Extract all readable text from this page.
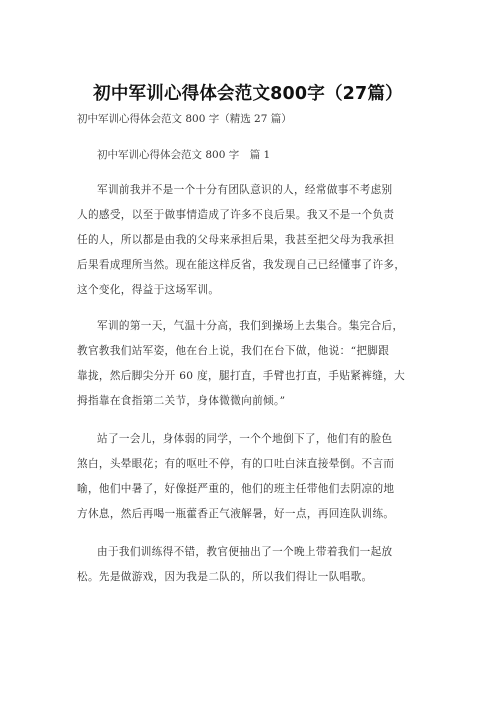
初中军训心得体会范文800字（27篇）
初中军训心得体会范文 800 字（精选 27 篇）
初中军训心得体会范文 800 字　篇 1
军训前我并不是一个十分有团队意识的人，经常做事不考虑别
人的感受，以至于做事情造成了许多不良后果。我又不是一个负责
任的人，所以都是由我的父母来承担后果，我甚至把父母为我承担
后果看成理所当然。现在能这样反省，我发现自己已经懂事了许多，
这个变化，得益于这场军训。
军训的第一天，气温十分高，我们到操场上去集合。集完合后，
教官教我们站军姿，他在台上说，我们在台下做，他说：“把脚跟
靠拢，然后脚尖分开 60 度，腿打直，手臂也打直，手贴紧裤缝，大
拇指靠在食指第二关节，身体微微向前倾。”
站了一会儿，身体弱的同学，一个个地倒下了，他们有的脸色
煞白，头晕眼花；有的呕吐不停，有的口吐白沫直接晕倒。不言而
喻，他们中暑了，好像挺严重的，他们的班主任带他们去阴凉的地
方休息，然后再喝一瓶藿香正气液解暑，好一点，再回连队训练。
由于我们训练得不错，教官便抽出了一个晚上带着我们一起放
松。先是做游戏，因为我是二队的，所以我们得让一队唱歌。
